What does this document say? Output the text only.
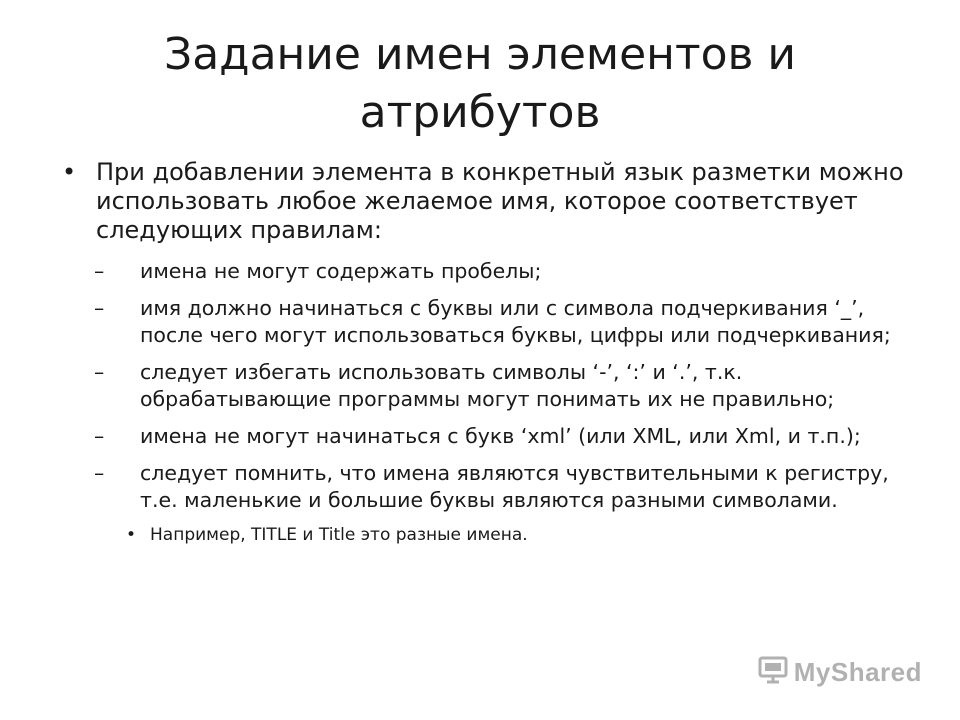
Задание имен элементов и атрибутов
• При добавлении элемента в конкретный язык разметки можно использовать любое желаемое имя, которое соответствует следующих правилам:
– имена не могут содержать пробелы;
– имя должно начинаться с буквы или с символа подчеркивания ‘_’, после чего могут использоваться буквы, цифры или подчеркивания;
– следует избегать использовать символы ‘-’, ‘:’ и ‘.’, т.к. обрабатывающие программы могут понимать их не правильно;
– имена не могут начинаться с букв ‘xml’ (или XML, или Xml, и т.п.);
– следует помнить, что имена являются чувствительными к регистру, т.е. маленькие и большие буквы являются разными символами.
• Например, TITLE и Title это разные имена.
MyShared
